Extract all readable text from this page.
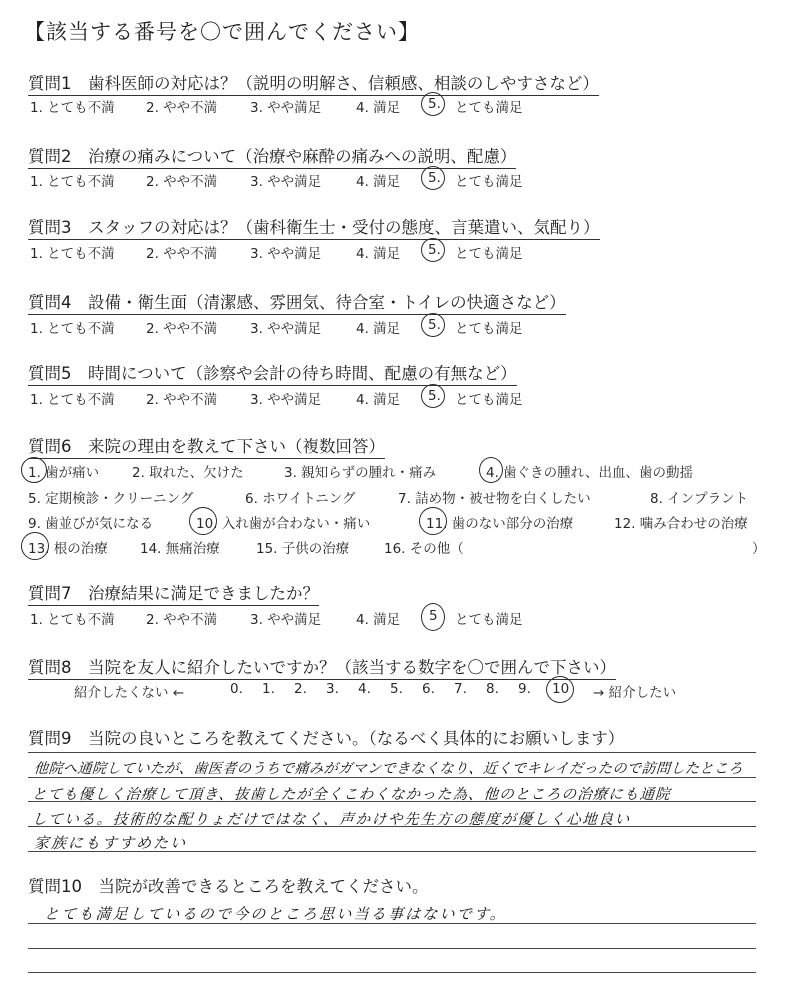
【該当する番号を〇で囲んでください】
質問1　歯科医師の対応は？（説明の明解さ、信頼感、相談のしやすさなど）
1. とても不満 2. やや不満 3. やや満足	4. 満足 5. とても満足
質問2　治療の痛みについて（治療や麻酔の痛みへの説明、配慮）
1. とても不満 2. やや不満 3. やや満足	4. 満足 5. とても満足
質問3　スタッフの対応は？（歯科衛生士・受付の態度、言葉遣い、気配り）
1. とても不満 2. やや不満 3. やや満足	4. 満足 5. とても満足
質問4　設備・衛生面（清潔感、雰囲気、待合室・トイレの快適さなど）
1. とても不満 2. やや不満 3. やや満足	4. 満足 5. とても満足
質問5　時間について（診察や会計の待ち時間、配慮の有無など）
1. とても不満 2. やや不満 3. やや満足	4. 満足 5. とても満足
質問6　来院の理由を教えて下さい（複数回答）
1. 歯が痛い 2. 取れた、欠けた	3. 親知らずの腫れ・痛み	4. 歯ぐきの腫れ、出血、歯の動揺
5. 定期検診・クリーニング	6. ホワイトニング	7. 詰め物・被せ物を白くしたい	8. インプラント
9. 歯並びが気になる	10. 入れ歯が合わない・痛い	11. 歯のない部分の治療	12. 噛み合わせの治療
13. 根の治療 14. 無痛治療	15. 子供の治療	16. その他（	）
質問7　治療結果に満足できましたか？
1. とても不満 2. やや不満 3. やや満足	4. 満足 5 とても満足
質問8　当院を友人に紹介したいですか？（該当する数字を〇で囲んで下さい）
紹介したくない ←	0. 1. 2. 3. 4. 5. 6. 7. 8. 9. 10 → 紹介したい
質問9　当院の良いところを教えてください。（なるべく具体的にお願いします）
他院へ通院していたが、歯医者のうちで痛みがガマンできなくなり、近くでキレイだったので訪問したところ
とても優しく治療して頂き、抜歯したが全くこわくなかった為、他のところの治療にも通院
している。技術的な配りょだけではなく、声かけや先生方の態度が優しく心地良い
家族にもすすめたい
質問10　当院が改善できるところを教えてください。
とても満足しているので今のところ思い当る事はないです。
